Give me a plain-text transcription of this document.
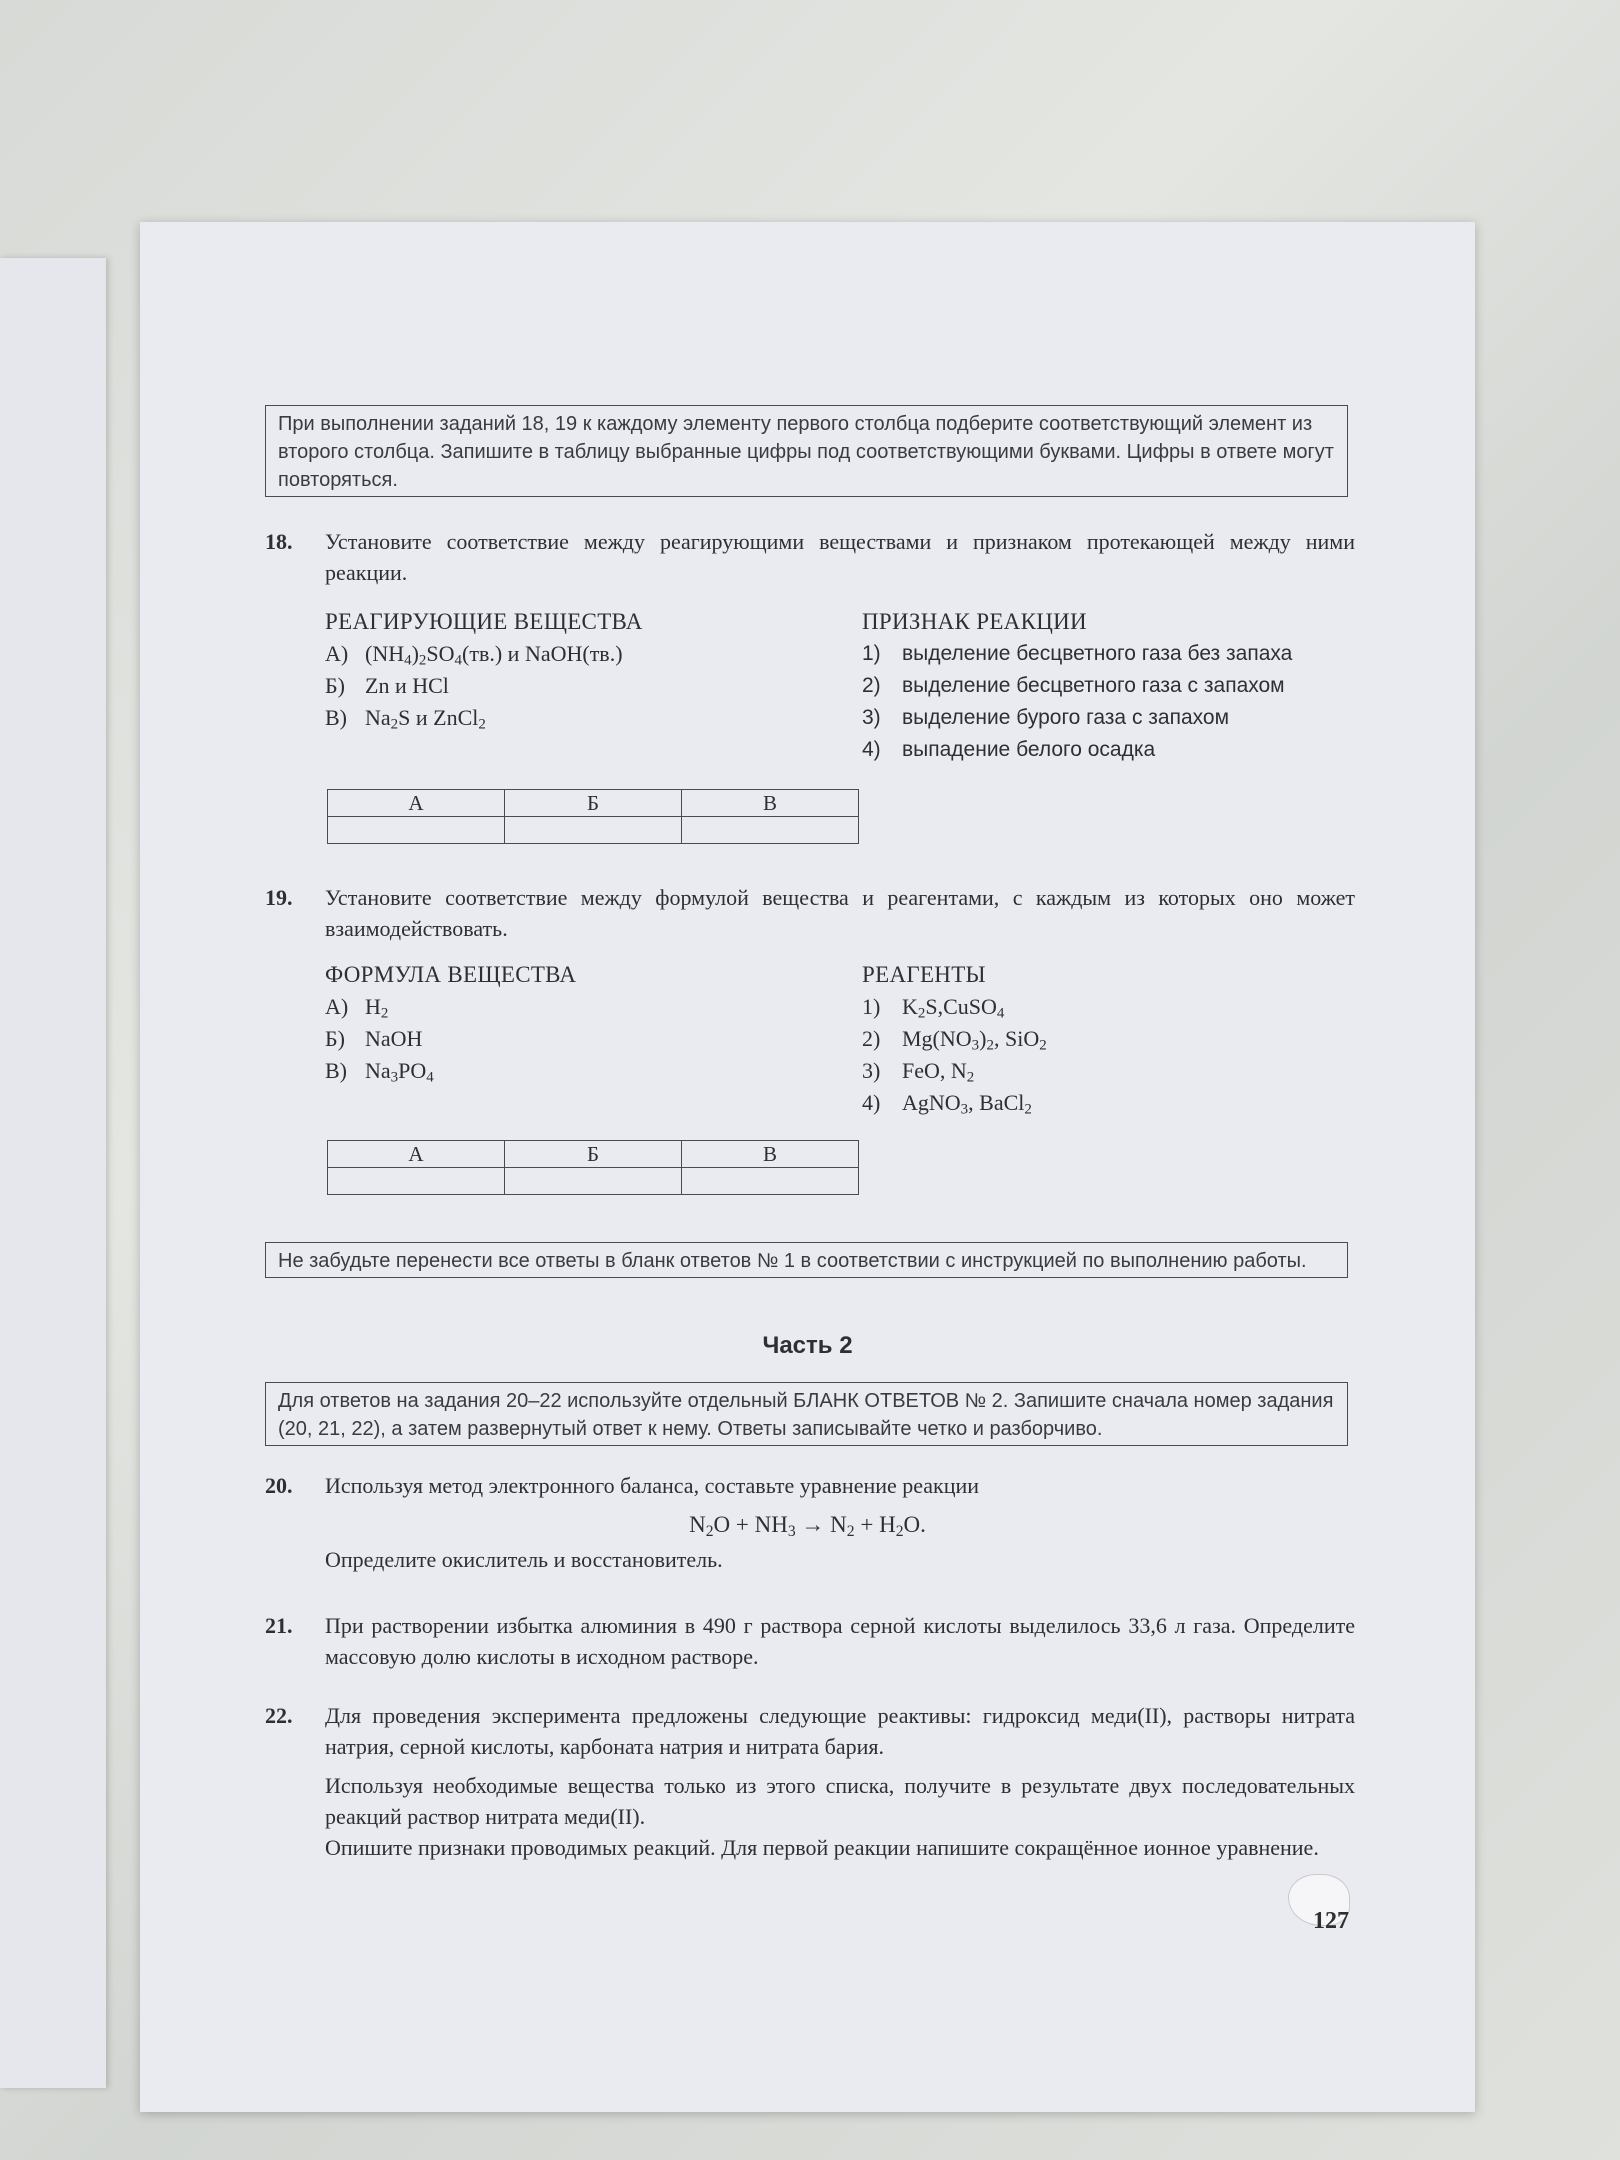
При выполнении заданий 18, 19 к каждому элементу первого столбца подберите соответствующий элемент из второго столбца. Запишите в таблицу выбранные цифры под соответствующими буквами. Цифры в ответе могут повторяться.
18. Установите соответствие между реагирующими веществами и признаком протекающей между ними реакции.

РЕАГИРУЮЩИЕ ВЕЩЕСТВА
А) $(NH_4)_2SO_4(тв.)$ и NaOH(тв.)
Б) Zn и HCl
В) $Na_2S$ и ZnCl$_2$
ПРИЗНАК РЕАКЦИИ
1) выделение бесцветного газа без запаха
2) выделение бесцветного газа с запахом
3) выделение бурого газа с запахом
4) выпадение белого осадка
А	Б	В

19. Установите соответствие между формулой вещества и реагентами, с каждым из которых оно может взаимодействовать.

ФОРМУЛА ВЕЩЕСТВА
А) $H_2$
Б) NaOH
В) $Na_3PO_4$
РЕАГЕНТЫ
1) $K_2S,CuSO_4$
2) $Mg(NO_3)_2$, SiO$_2$
3) FeO, $N_2$
4) AgNO$_3$, BaCl$_2$
А	Б	В

Не забудьте перенести все ответы в бланк ответов № 1 в соответствии с инструкцией по выполнению работы.
Часть 2
Для ответов на задания 20–22 используйте отдельный БЛАНК ОТВЕТОВ № 2. Запишите сначала номер задания (20, 21, 22), а затем развернутый ответ к нему. Ответы записывайте четко и разборчиво.
20. Используя метод электронного баланса, составьте уравнение реакции

$N_2O + NH_3 \to N_2 + H_2O$.

Определите окислитель и восстановитель.

21. При растворении избытка алюминия в 490 г раствора серной кислоты выделилось 33,6 л газа. Определите массовую долю кислоты в исходном растворе.

22. Для проведения эксперимента предложены следующие реактивы: гидроксид меди(II), растворы нитрата натрия, серной кислоты, карбоната натрия и нитрата бария.

Используя необходимые вещества только из этого списка, получите в результате двух последовательных реакций раствор нитрата меди(II).

Опишите признаки проводимых реакций. Для первой реакции напишите сокращённое ионное уравнение.

127
